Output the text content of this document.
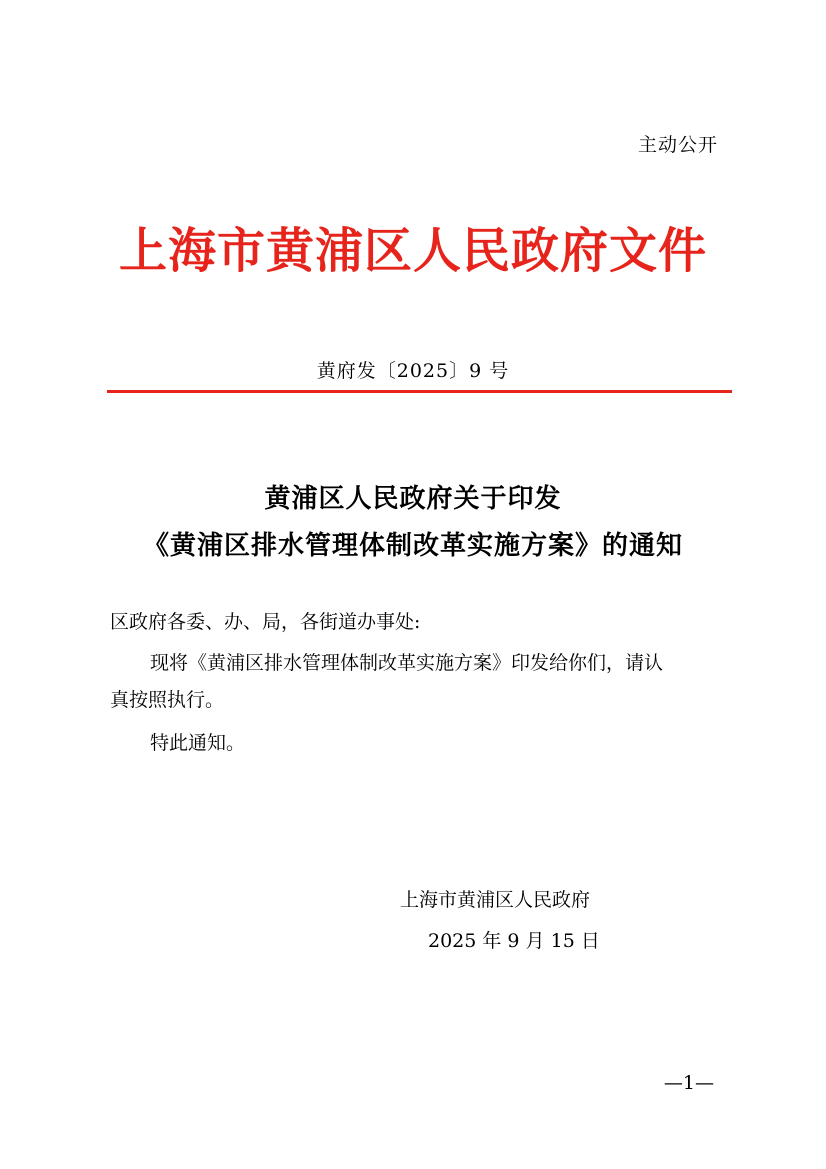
主动公开
上海市黄浦区人民政府文件
黄府发〔2025〕9 号
黄浦区人民政府关于印发
《黄浦区排水管理体制改革实施方案》的通知
区政府各委、办、局，各街道办事处:
现将《黄浦区排水管理体制改革实施方案》印发给你们，请认
真按照执行。
特此通知。
上海市黄浦区人民政府
2025 年 9 月 15 日
—1—
